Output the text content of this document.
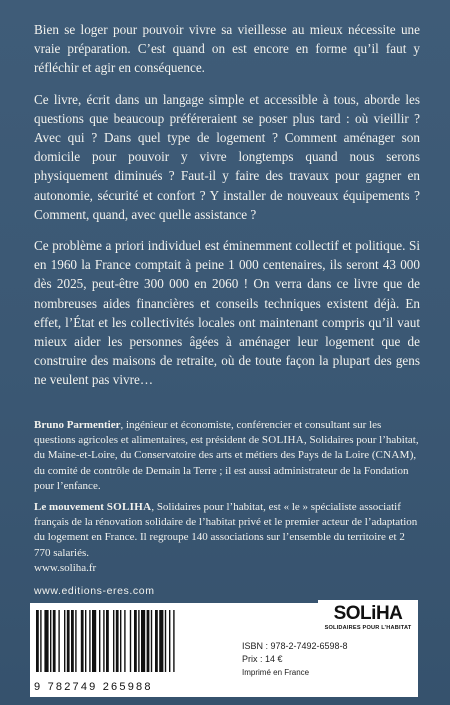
Bien se loger pour pouvoir vivre sa vieillesse au mieux nécessite une vraie préparation. C’est quand on est encore en forme qu’il faut y réfléchir et agir en conséquence.

Ce livre, écrit dans un langage simple et accessible à tous, aborde les questions que beaucoup préféreraient se poser plus tard : où vieillir ? Avec qui ? Dans quel type de logement ? Comment aménager son domicile pour pouvoir y vivre longtemps quand nous serons physiquement diminués ? Faut-il y faire des travaux pour gagner en autonomie, sécurité et confort ? Y installer de nouveaux équipements ? Comment, quand, avec quelle assistance ?

Ce problème a priori individuel est éminemment collectif et politique. Si en 1960 la France comptait à peine 1 000 centenaires, ils seront 43 000 dès 2025, peut-être 300 000 en 2060 ! On verra dans ce livre que de nombreuses aides financières et conseils techniques existent déjà. En effet, l’État et les collectivités locales ont maintenant compris qu’il vaut mieux aider les personnes âgées à aménager leur logement que de construire des maisons de retraite, où de toute façon la plupart des gens ne veulent pas vivre…

Bruno Parmentier, ingénieur et économiste, conférencier et consultant sur les questions agricoles et alimentaires, est président de SOLIHA, Solidaires pour l’habitat, du Maine-et-Loire, du Conservatoire des arts et métiers des Pays de la Loire (CNAM), du comité de contrôle de Demain la Terre ; il est aussi administrateur de la Fondation pour l’enfance.

Le mouvement SOLIHA, Solidaires pour l’habitat, est « le » spécialiste associatif français de la rénovation solidaire de l’habitat privé et le premier acteur de l’adaptation du logement en France. Il regroupe 140 associations sur l’ensemble du territoire et 2 770 salariés.
www.soliha.fr

www.editions-eres.com
9 782749 265988
ISBN : 978-2-7492-6598-8
Prix : 14 €
Imprimé en France
SOLiHA
SOLIDAIRES POUR L’HABITAT
